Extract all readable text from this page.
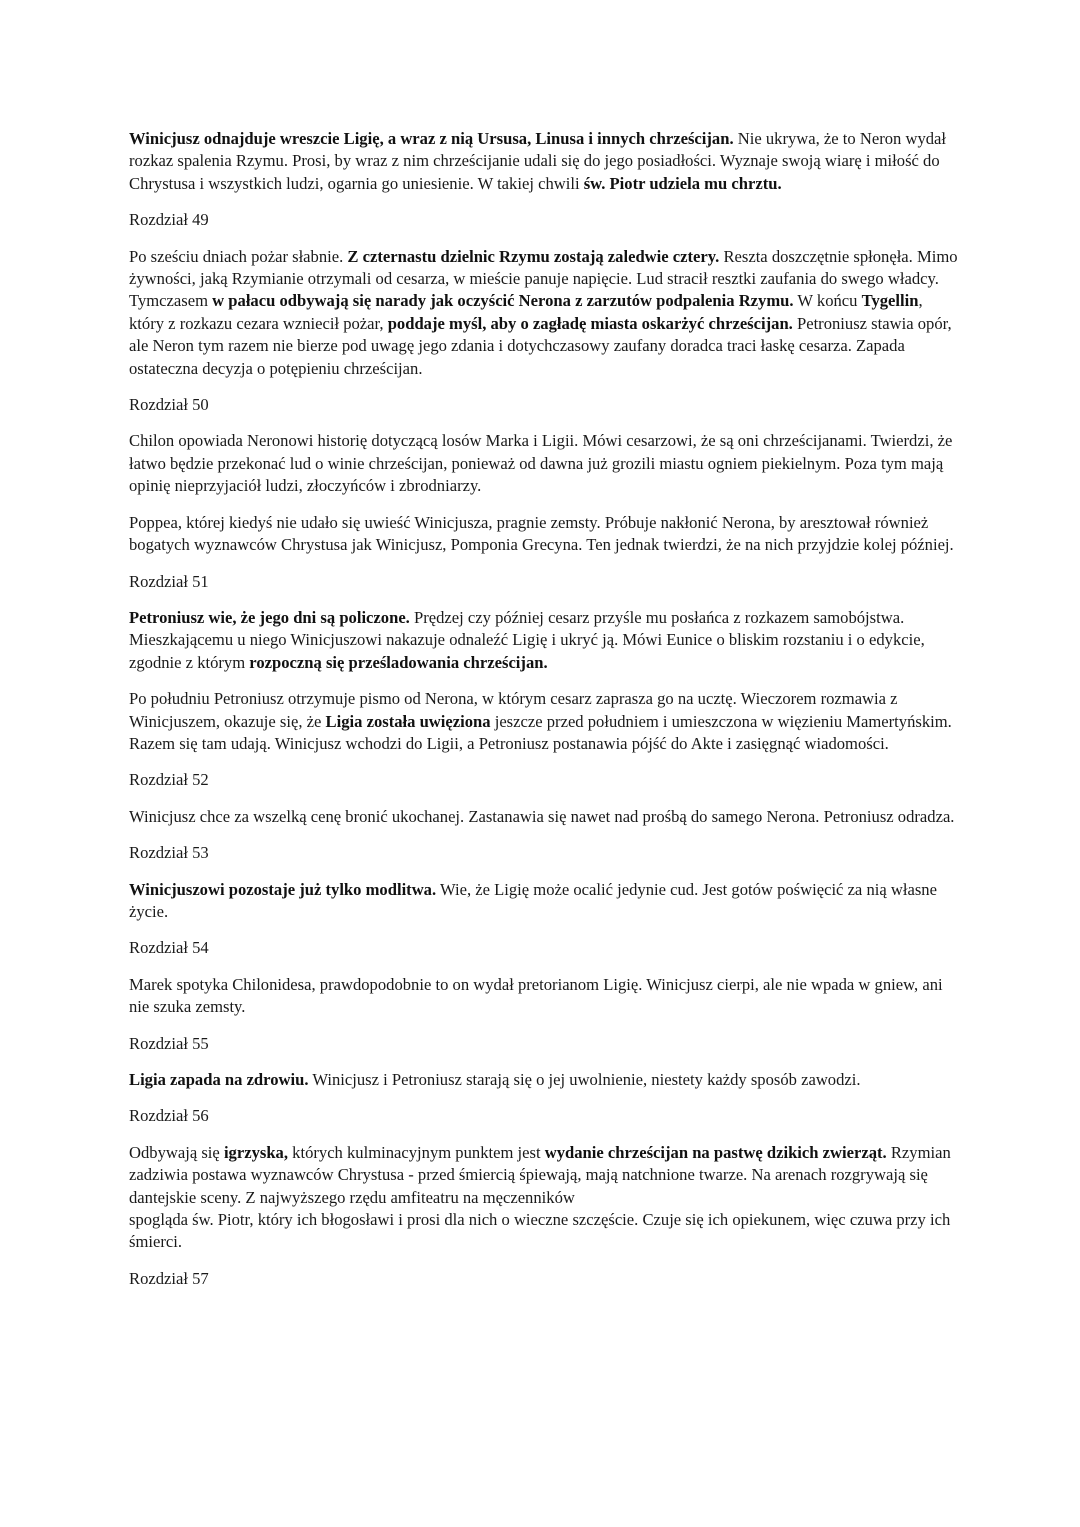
Winicjusz odnajduje wreszcie Ligię, a wraz z nią Ursusa, Linusa i innych chrześcijan. Nie ukrywa, że to Neron wydał rozkaz spalenia Rzymu. Prosi, by wraz z nim chrześcijanie udali się do jego posiadłości. Wyznaje swoją wiarę i miłość do Chrystusa i wszystkich ludzi, ogarnia go uniesienie. W takiej chwili św. Piotr udziela mu chrztu.

Rozdział 49

Po sześciu dniach pożar słabnie. Z czternastu dzielnic Rzymu zostają zaledwie cztery. Reszta doszczętnie spłonęła. Mimo żywności, jaką Rzymianie otrzymali od cesarza, w mieście panuje napięcie. Lud stracił resztki zaufania do swego władcy. Tymczasem w pałacu odbywają się narady jak oczyścić Nerona z zarzutów podpalenia Rzymu. W końcu Tygellin, który z rozkazu cezara wzniecił pożar, poddaje myśl, aby o zagładę miasta oskarżyć chrześcijan. Petroniusz stawia opór, ale Neron tym razem nie bierze pod uwagę jego zdania i dotychczasowy zaufany doradca traci łaskę cesarza. Zapada ostateczna decyzja o potępieniu chrześcijan.

Rozdział 50

Chilon opowiada Neronowi historię dotyczącą losów Marka i Ligii. Mówi cesarzowi, że są oni chrześcijanami. Twierdzi, że łatwo będzie przekonać lud o winie chrześcijan, ponieważ od dawna już grozili miastu ogniem piekielnym. Poza tym mają opinię nieprzyjaciół ludzi, złoczyńców i zbrodniarzy.

Poppea, której kiedyś nie udało się uwieść Winicjusza, pragnie zemsty. Próbuje nakłonić Nerona, by aresztował również bogatych wyznawców Chrystusa jak Winicjusz, Pomponia Grecyna. Ten jednak twierdzi, że na nich przyjdzie kolej później.

Rozdział 51

Petroniusz wie, że jego dni są policzone. Prędzej czy później cesarz przyśle mu posłańca z rozkazem samobójstwa. Mieszkającemu u niego Winicjuszowi nakazuje odnaleźć Ligię i ukryć ją. Mówi Eunice o bliskim rozstaniu i o edykcie, zgodnie z którym rozpoczną się prześladowania chrześcijan.

Po południu Petroniusz otrzymuje pismo od Nerona, w którym cesarz zaprasza go na ucztę. Wieczorem rozmawia z Winicjuszem, okazuje się, że Ligia została uwięziona jeszcze przed południem i umieszczona w więzieniu Mamertyńskim. Razem się tam udają. Winicjusz wchodzi do Ligii, a Petroniusz postanawia pójść do Akte i zasięgnąć wiadomości.

Rozdział 52

Winicjusz chce za wszelką cenę bronić ukochanej. Zastanawia się nawet nad prośbą do samego Nerona. Petroniusz odradza.

Rozdział 53

Winicjuszowi pozostaje już tylko modlitwa. Wie, że Ligię może ocalić jedynie cud. Jest gotów poświęcić za nią własne życie.

Rozdział 54

Marek spotyka Chilonidesa, prawdopodobnie to on wydał pretorianom Ligię. Winicjusz cierpi, ale nie wpada w gniew, ani nie szuka zemsty.

Rozdział 55

Ligia zapada na zdrowiu. Winicjusz i Petroniusz starają się o jej uwolnienie, niestety każdy sposób zawodzi.

Rozdział 56

Odbywają się igrzyska, których kulminacyjnym punktem jest wydanie chrześcijan na pastwę dzikich zwierząt. Rzymian zadziwia postawa wyznawców Chrystusa - przed śmiercią śpiewają, mają natchnione twarze. Na arenach rozgrywają się dantejskie sceny. Z najwyższego rzędu amfiteatru na męczenników
spogląda św. Piotr, który ich błogosławi i prosi dla nich o wieczne szczęście. Czuje się ich opiekunem, więc czuwa przy ich śmierci.

Rozdział 57
